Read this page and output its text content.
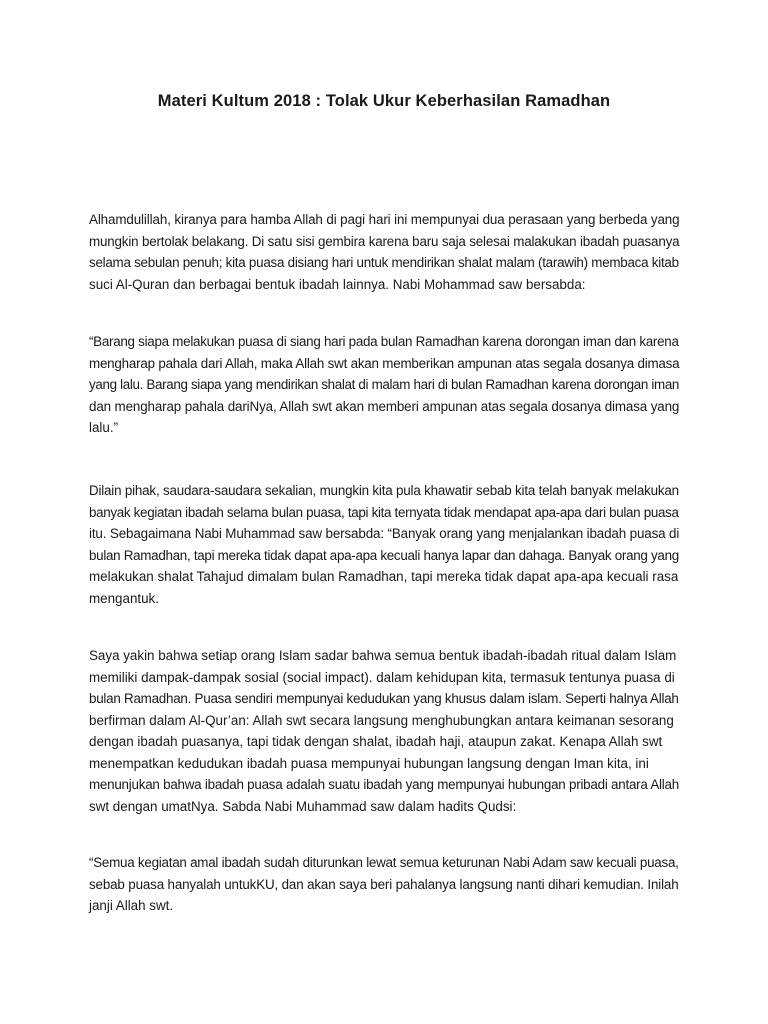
Materi Kultum 2018 : Tolak Ukur Keberhasilan Ramadhan
Alhamdulillah, kiranya para hamba Allah di pagi hari ini mempunyai dua perasaan yang berbeda yang
mungkin bertolak belakang. Di satu sisi gembira karena baru saja selesai malakukan ibadah puasanya
selama sebulan penuh; kita puasa disiang hari untuk mendirikan shalat malam (tarawih) membaca kitab
suci Al-Quran dan berbagai bentuk ibadah lainnya. Nabi Mohammad saw bersabda:
“Barang siapa melakukan puasa di siang hari pada bulan Ramadhan karena dorongan iman dan karena
mengharap pahala dari Allah, maka Allah swt akan memberikan ampunan atas segala dosanya dimasa
yang lalu. Barang siapa yang mendirikan shalat di malam hari di bulan Ramadhan karena dorongan iman
dan mengharap pahala dariNya, Allah swt akan memberi ampunan atas segala dosanya dimasa yang
lalu.”
Dilain pihak, saudara-saudara sekalian, mungkin kita pula khawatir sebab kita telah banyak melakukan
banyak kegiatan ibadah selama bulan puasa, tapi kita ternyata tidak mendapat apa-apa dari bulan puasa
itu. Sebagaimana Nabi Muhammad saw bersabda: “Banyak orang yang menjalankan ibadah puasa di
bulan Ramadhan, tapi mereka tidak dapat apa-apa kecuali hanya lapar dan dahaga. Banyak orang yang
melakukan shalat Tahajud dimalam bulan Ramadhan, tapi mereka tidak dapat apa-apa kecuali rasa
mengantuk.
Saya yakin bahwa setiap orang Islam sadar bahwa semua bentuk ibadah-ibadah ritual dalam Islam
memiliki dampak-dampak sosial (social impact). dalam kehidupan kita, termasuk tentunya puasa di
bulan Ramadhan. Puasa sendiri mempunyai kedudukan yang khusus dalam islam. Seperti halnya Allah
berfirman dalam Al-Qur’an: Allah swt secara langsung menghubungkan antara keimanan sesorang
dengan ibadah puasanya, tapi tidak dengan shalat, ibadah haji, ataupun zakat. Kenapa Allah swt
menempatkan kedudukan ibadah puasa mempunyai hubungan langsung dengan Iman kita, ini
menunjukan bahwa ibadah puasa adalah suatu ibadah yang mempunyai hubungan pribadi antara Allah
swt dengan umatNya. Sabda Nabi Muhammad saw dalam hadits Qudsi:
“Semua kegiatan amal ibadah sudah diturunkan lewat semua keturunan Nabi Adam saw kecuali puasa,
sebab puasa hanyalah untukKU, dan akan saya beri pahalanya langsung nanti dihari kemudian. Inilah
janji Allah swt.
